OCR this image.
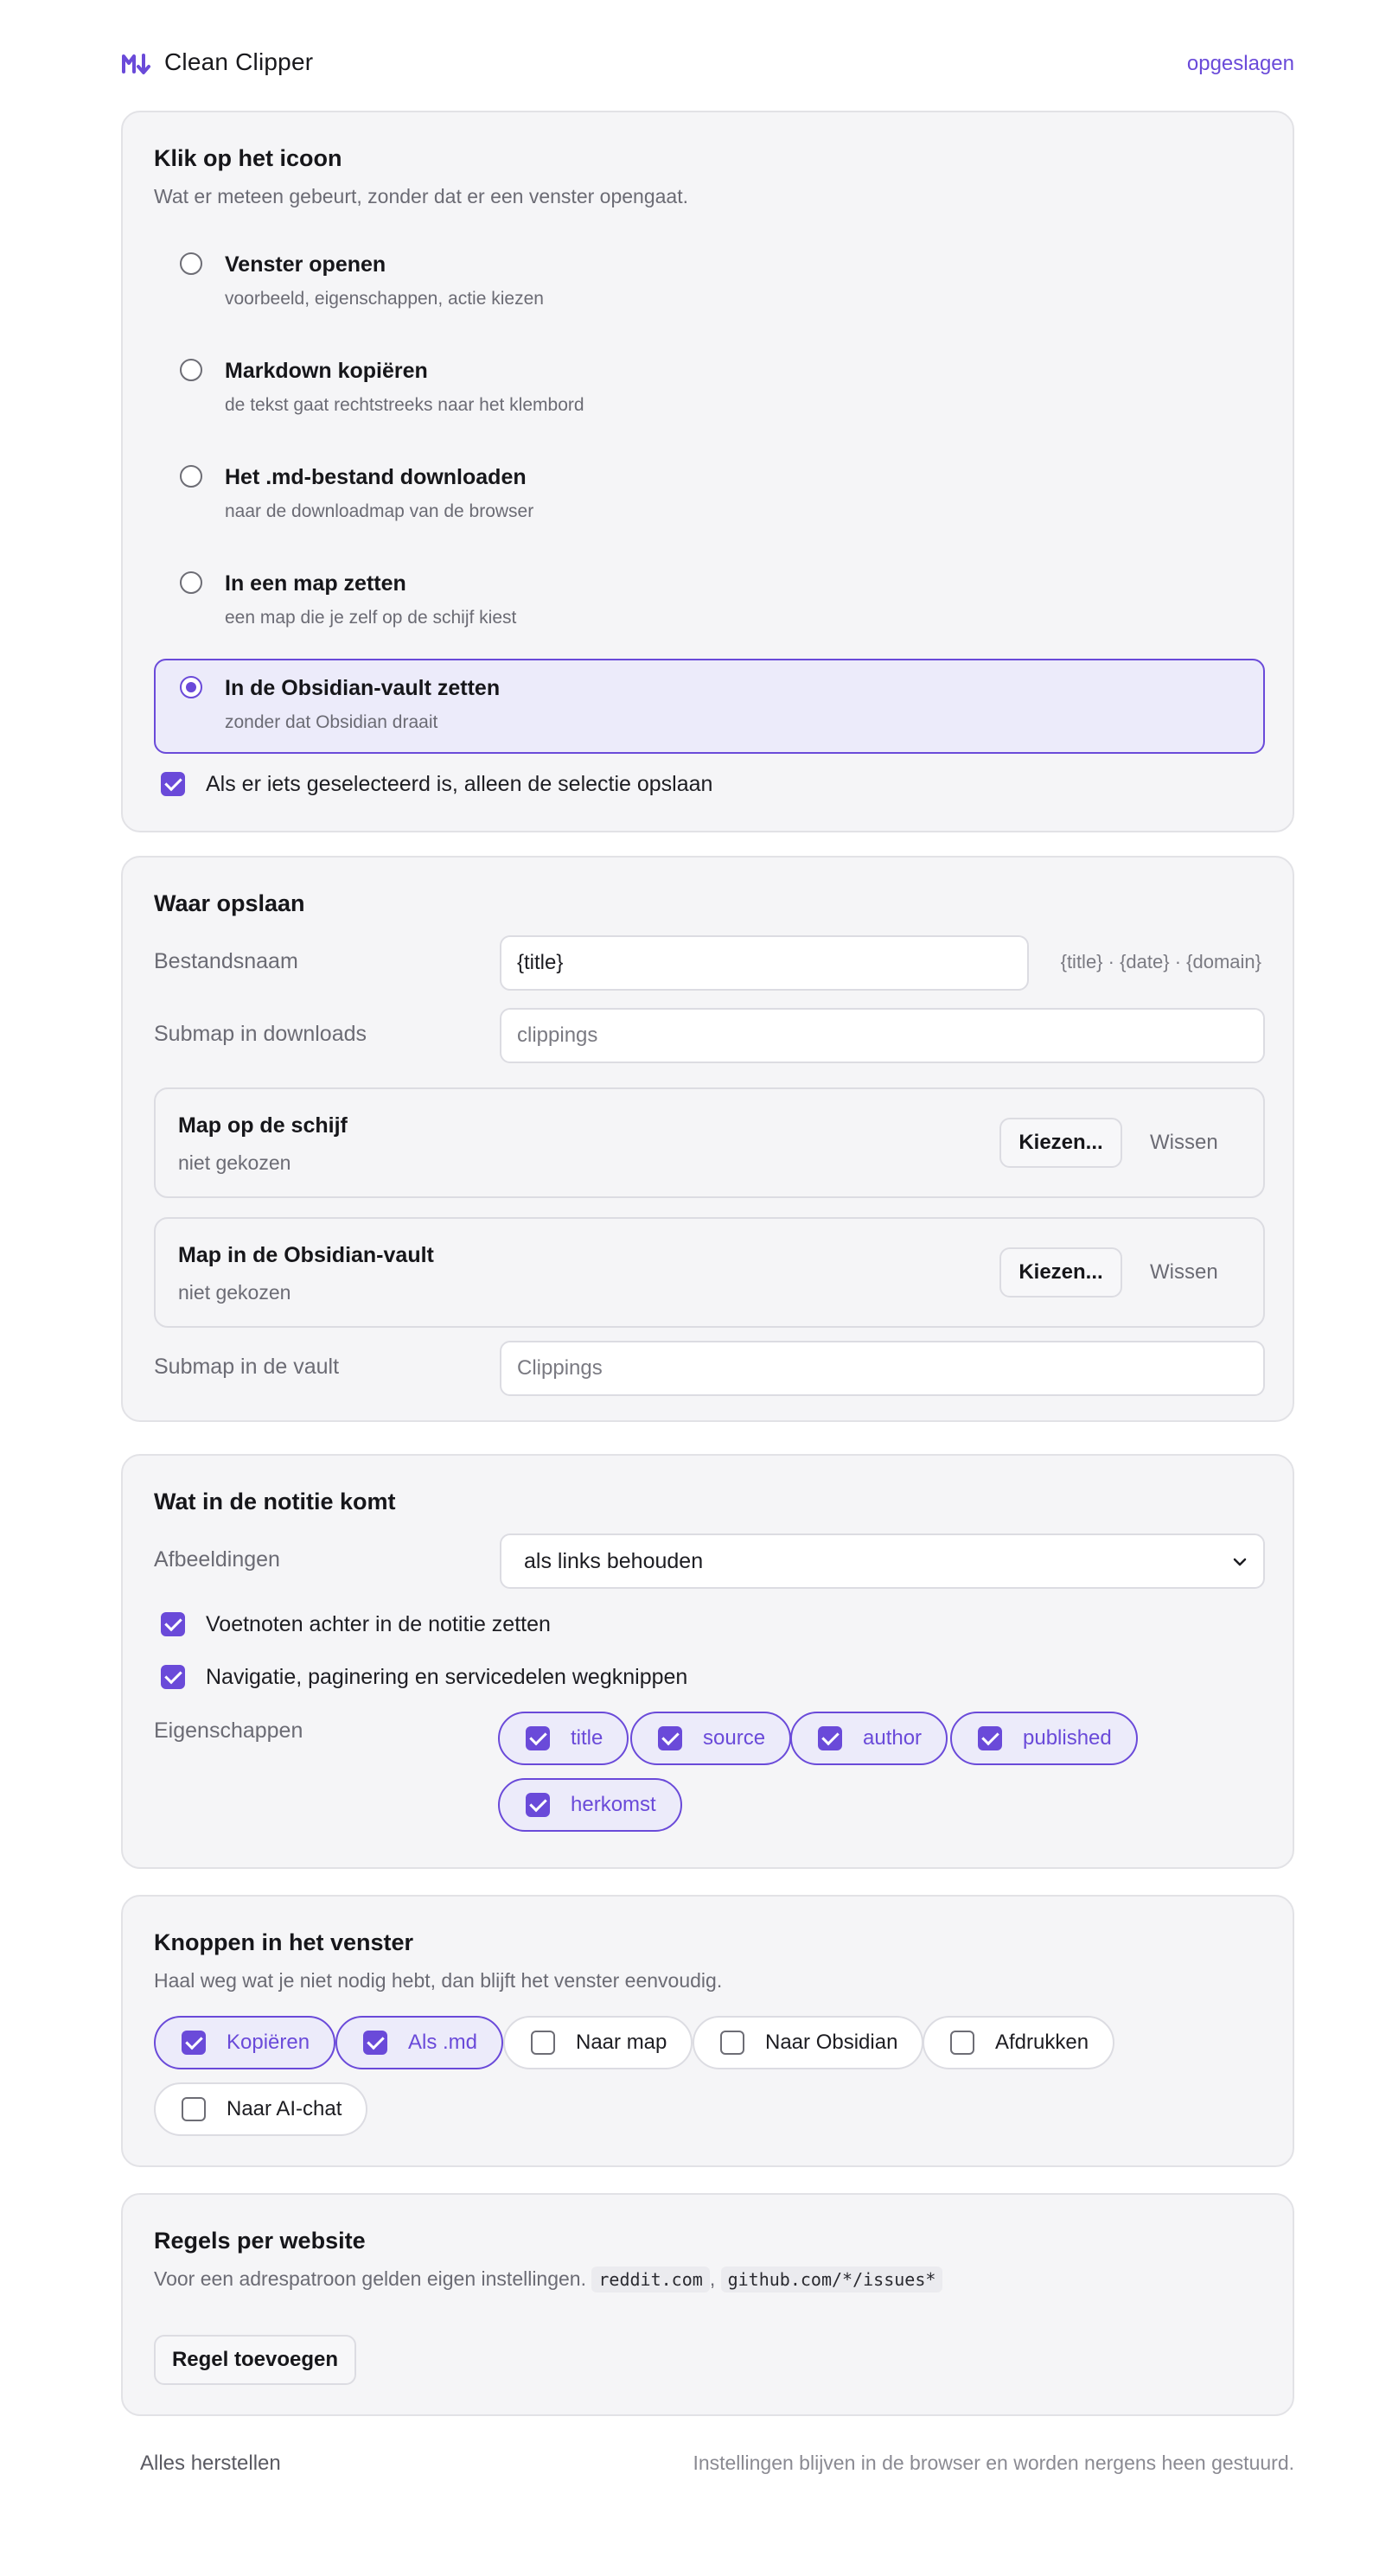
Clean Clipper	opgeslagen
Klik op het icoon
Wat er meteen gebeurt, zonder dat er een venster opengaat.
Venster openen
voorbeeld, eigenschappen, actie kiezen
Markdown kopiëren
de tekst gaat rechtstreeks naar het klembord
Het .md-bestand downloaden
naar de downloadmap van de browser
In een map zetten
een map die je zelf op de schijf kiest
In de Obsidian-vault zetten
zonder dat Obsidian draait
Als er iets geselecteerd is, alleen de selectie opslaan
Waar opslaan
Bestandsnaam	{title}	{title} · {date} · {domain}
Submap in downloads	clippings
Map op de schijf
niet gekozen
Kiezen...	Wissen
Map in de Obsidian-vault
niet gekozen
Kiezen...	Wissen
Submap in de vault	Clippings
Wat in de notitie komt
Afbeeldingen	als links behouden
Voetnoten achter in de notitie zetten
Navigatie, paginering en servicedelen wegknippen
Eigenschappen	title	source	author	published
herkomst
Knoppen in het venster
Haal weg wat je niet nodig hebt, dan blijft het venster eenvoudig.
Kopiëren	Als .md	Naar map	Naar Obsidian	Afdrukken
Naar AI-chat
Regels per website
Voor een adrespatroon gelden eigen instellingen. reddit.com , github.com/*/issues*
Regel toevoegen
Alles herstellen	Instellingen blijven in de browser en worden nergens heen gestuurd.
